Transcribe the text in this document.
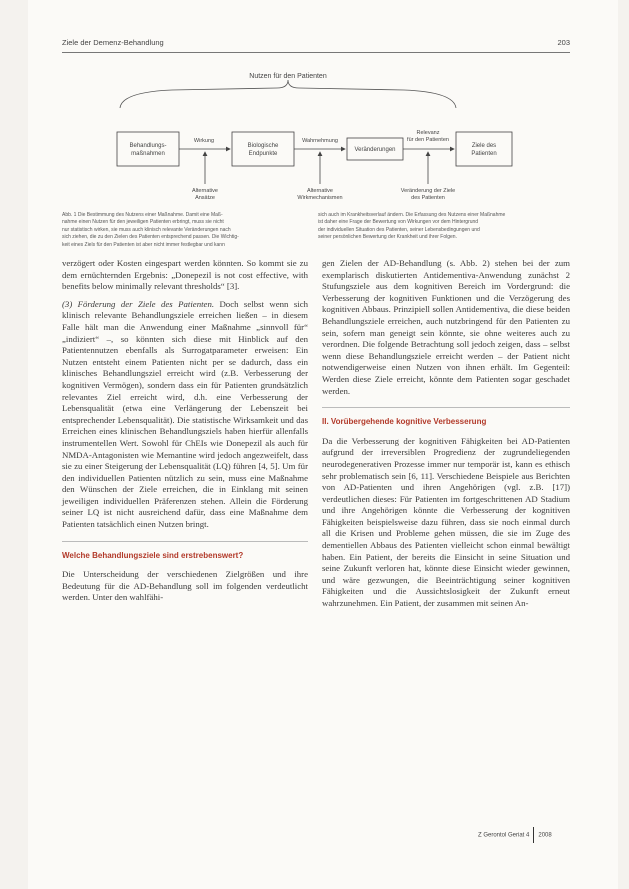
Ziele der Demenz-Behandlung	203
Nutzen für den Patienten
Behandlungs-
maßnahmen
Biologische
Endpunkte
Veränderungen
Ziele des
Patienten
Wirkung	Wahrnehmung
Relevanz
für den Patienten
Alternative
Ansätze
Alternative
Wirkmechanismen
Veränderung der Ziele
des Patienten
Abb. 1 Die Bestimmung des Nutzens einer Maßnahme. Damit eine Maß-
nahme einen Nutzen für den jeweiligen Patienten erbringt, muss sie nicht
nur statistisch wirken, sie muss auch klinisch relevante Veränderungen nach
sich ziehen, die zu den Zielen des Patienten entsprechend passen. Die Wichtig-
keit eines Ziels für den Patienten ist aber nicht immer festlegbar und kann
sich auch im Krankheitsverlauf ändern. Die Erfassung des Nutzens einer Maßnahme
ist daher eine Frage der Bewertung von Wirkungen vor dem Hintergrund
der individuellen Situation des Patienten, seiner Lebensbedingungen und
seiner persönlichen Bewertung der Krankheit und ihrer Folgen.

verzögert oder Kosten eingespart werden könnten. So kommt sie zu dem ernüchternden Ergebnis: „Donepezil is not cost effective, with benefits below minimally relevant thresholds“ [3].

(3) Förderung der Ziele des Patienten. Doch selbst wenn sich klinisch relevante Behandlungsziele erreichen ließen – in diesem Falle hält man die Anwendung einer Maßnahme „sinnvoll für“ „indiziert“ –, so könnten sich diese mit Hinblick auf den Patientennutzen ebenfalls als Surrogatparameter erweisen: Ein Nutzen entsteht einem Patienten nicht per se dadurch, dass ein klinisches Behandlungsziel erreicht wird (z.B. Verbesserung der kognitiven Vermögen), sondern dass ein für Patienten grundsätzlich relevantes Ziel erreicht wird, d.h. eine Verbesserung der Lebensqualität (etwa eine Verlängerung der Lebenszeit bei entsprechender Lebensqualität). Die statistische Wirksamkeit und das Erreichen eines klinischen Behandlungsziels haben hierfür allenfalls instrumentellen Wert. Sowohl für ChEIs wie Donepezil als auch für NMDA-Antagonisten wie Memantine wird jedoch angezweifelt, dass sie zu einer Steigerung der Lebensqualität (LQ) führen [4, 5]. Um für den individuellen Patienten nützlich zu sein, muss eine Maßnahme den Wünschen der Ziele erreichen, die in Einklang mit seinen jeweiligen individuellen Präferenzen stehen. Allein die Förderung seiner LQ ist nicht ausreichend dafür, dass eine Maßnahme dem Patienten tatsächlich einen Nutzen bringt.

Welche Behandlungsziele sind erstrebenswert?

Die Unterscheidung der verschiedenen Zielgrößen und ihre Bedeutung für die AD-Behandlung soll im folgenden verdeutlicht werden. Unter den wahlfähi-

gen Zielen der AD-Behandlung (s. Abb. 2) stehen bei der zum exemplarisch diskutierten Antidementiva-Anwendung zunächst 2 Stufungsziele aus dem kognitiven Bereich im Vordergrund: die Verbesserung der kognitiven Funktionen und die Verzögerung des kognitiven Abbaus. Prinzipiell sollen Antidementiva, die diese beiden Behandlungsziele erreichen, auch nutzbringend für den Patienten zu sein, sofern man geneigt sein könnte, sie ohne weiteres auch zu verordnen. Die folgende Betrachtung soll jedoch zeigen, dass – selbst wenn diese Behandlungsziele erreicht werden – der Patient nicht notwendigerweise einen Nutzen von ihnen erhält. Im Gegenteil: Werden diese Ziele erreicht, könnte dem Patienten sogar geschadet werden.

II. Vorübergehende kognitive Verbesserung

Da die Verbesserung der kognitiven Fähigkeiten bei AD-Patienten aufgrund der irreversiblen Progredienz der zugrundeliegenden neurodegenerativen Prozesse immer nur temporär ist, kann es ethisch sehr problematisch sein [6, 11]. Verschiedene Beispiele aus Berichten von AD-Patienten und ihren Angehörigen (vgl. z.B. [17]) verdeutlichen dieses: Für Patienten im fortgeschrittenen AD Stadium und ihre Angehörigen könnte die Verbesserung der kognitiven Fähigkeiten beispielsweise dazu führen, dass sie noch einmal durch all die Krisen und Probleme gehen müssen, die sie im Zuge des dementiellen Abbaus des Patienten vielleicht schon einmal bewältigt haben. Ein Patient, der bereits die Einsicht in seine Situation und seine Zukunft verloren hat, könnte diese Einsicht wieder gewinnen, und wäre gezwungen, die Beeinträchtigung seiner kognitiven Fähigkeiten und die Aussichtslosigkeit der Zukunft erneut wahrzunehmen. Ein Patient, der zusammen mit seinen An-

Z Gerontol Geriat 4 2008
